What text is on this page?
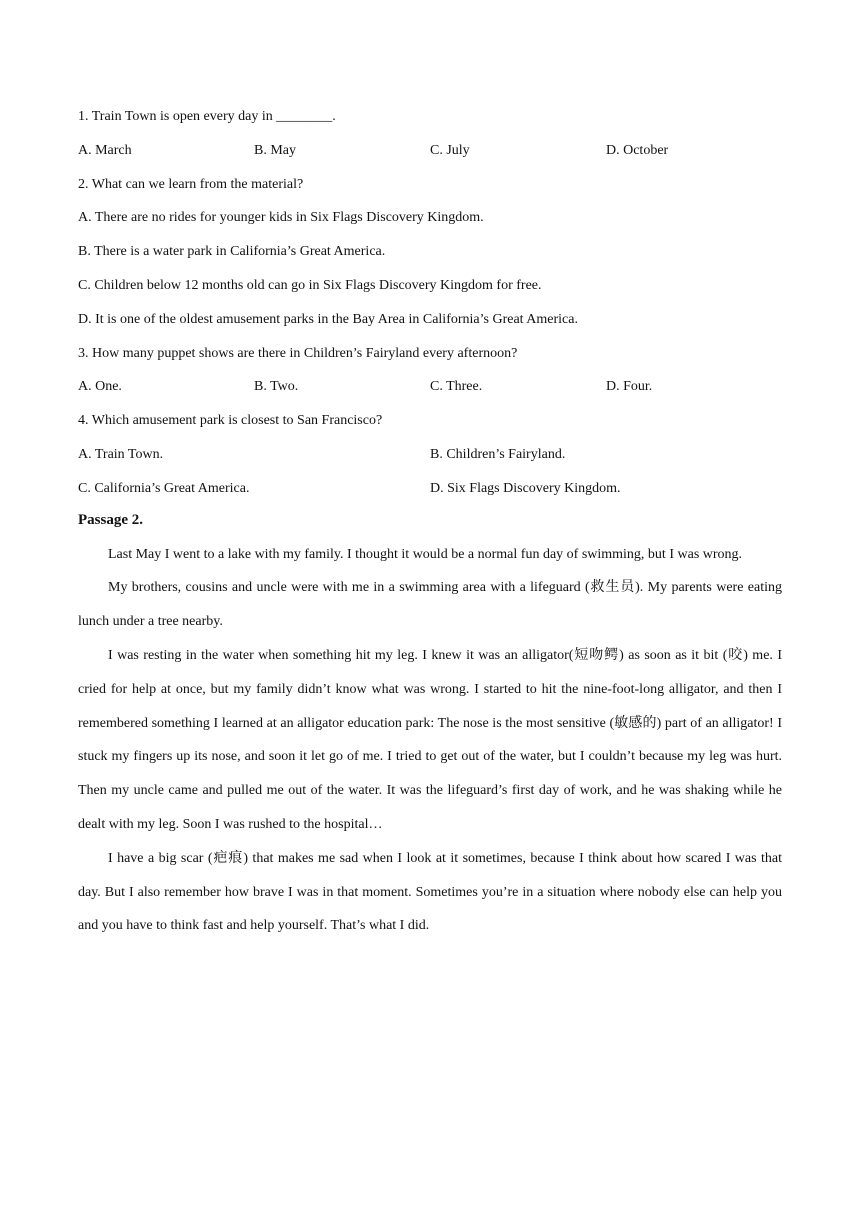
1. Train Town is open every day in ________.
A. March	B. May	C. July	D. October
2. What can we learn from the material?
A. There are no rides for younger kids in Six Flags Discovery Kingdom.
B. There is a water park in California’s Great America.
C. Children below 12 months old can go in Six Flags Discovery Kingdom for free.
D. It is one of the oldest amusement parks in the Bay Area in California’s Great America.
3. How many puppet shows are there in Children’s Fairyland every afternoon?
A. One.	B. Two.	C. Three.	D. Four.
4. Which amusement park is closest to San Francisco?
A. Train Town.	B. Children’s Fairyland.
C. California’s Great America.	D. Six Flags Discovery Kingdom.
Passage 2.

Last May I went to a lake with my family. I thought it would be a normal fun day of swimming, but I was wrong.

My brothers, cousins and uncle were with me in a swimming area with a lifeguard (救生员). My parents were eating lunch under a tree nearby.

I was resting in the water when something hit my leg. I knew it was an alligator(短吻鳄) as soon as it bit (咬) me. I cried for help at once, but my family didn’t know what was wrong. I started to hit the nine-foot-long alligator, and then I remembered something I learned at an alligator education park: The nose is the most sensitive (敏感的) part of an alligator! I stuck my fingers up its nose, and soon it let go of me. I tried to get out of the water, but I couldn’t because my leg was hurt. Then my uncle came and pulled me out of the water. It was the lifeguard’s first day of work, and he was shaking while he dealt with my leg. Soon I was rushed to the hospital…

I have a big scar (疤痕) that makes me sad when I look at it sometimes, because I think about how scared I was that day. But I also remember how brave I was in that moment. Sometimes you’re in a situation where nobody else can help you and you have to think fast and help yourself. That’s what I did.
